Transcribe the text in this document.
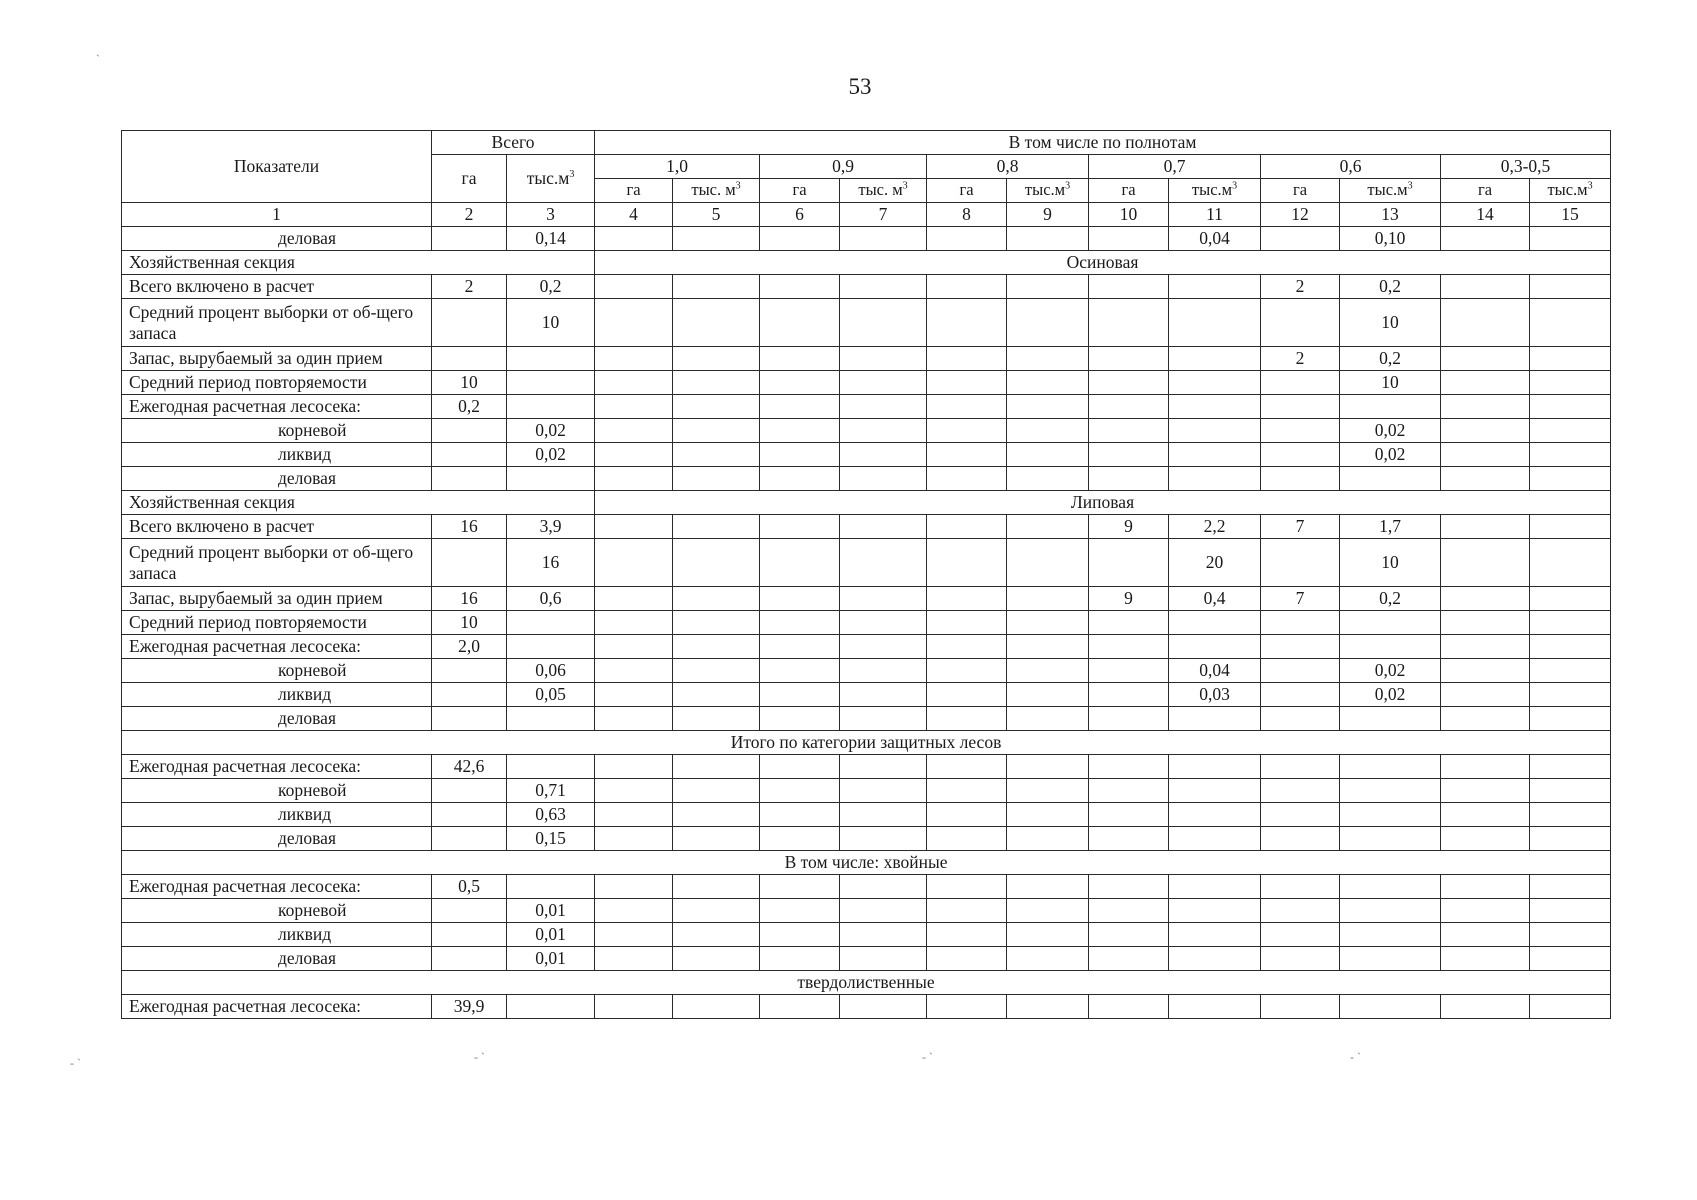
53
Показатели	Всего		В том числе по полнотам											
	га	$тыс.м^3$	1,0		0,9		0,8		0,7		0,6		0,3-0,5	
			га	тыс. $м^3$	га	тыс. $м^3$	га	$тыс.м^3$	га	$тыс.м^3$	га	$тыс.м^3$	га	$тыс.м^3$
1	2	3	4	5	6	7	8	9	10	11	12	13	14	15
деловая		0,14								0,04		0,10		
Хозяйственная секция			Осиновая											
Всего включено в расчет	2	0,2									2	0,2		
Средний процент выборки от об-щего запаса		10										10		
Запас, вырубаемый за один прием											2	0,2		
Средний период повторяемости	10											10		
Ежегодная расчетная лесосека:	0,2													
корневой		0,02										0,02		
ликвид		0,02										0,02		
деловая														
Хозяйственная секция			Липовая											
Всего включено в расчет	16	3,9							9	2,2	7	1,7		
Средний процент выборки от об-щего запаса		16								20		10		
Запас, вырубаемый за один прием	16	0,6							9	0,4	7	0,2		
Средний период повторяемости	10													
Ежегодная расчетная лесосека:	2,0													
корневой		0,06								0,04		0,02		
ликвид		0,05								0,03		0,02		
деловая														
Итого по категории защитных лесов														
Ежегодная расчетная лесосека:	42,6													
корневой		0,71												
ликвид		0,63												
деловая		0,15												
В том числе: хвойные														
Ежегодная расчетная лесосека:	0,5													
корневой		0,01												
ликвид		0,01												
деловая		0,01												
твердолиственные														
Ежегодная расчетная лесосека:	39,9													
`
‑ ˋ	‑ ˋ	‑ ˋ
‑ ˋ
